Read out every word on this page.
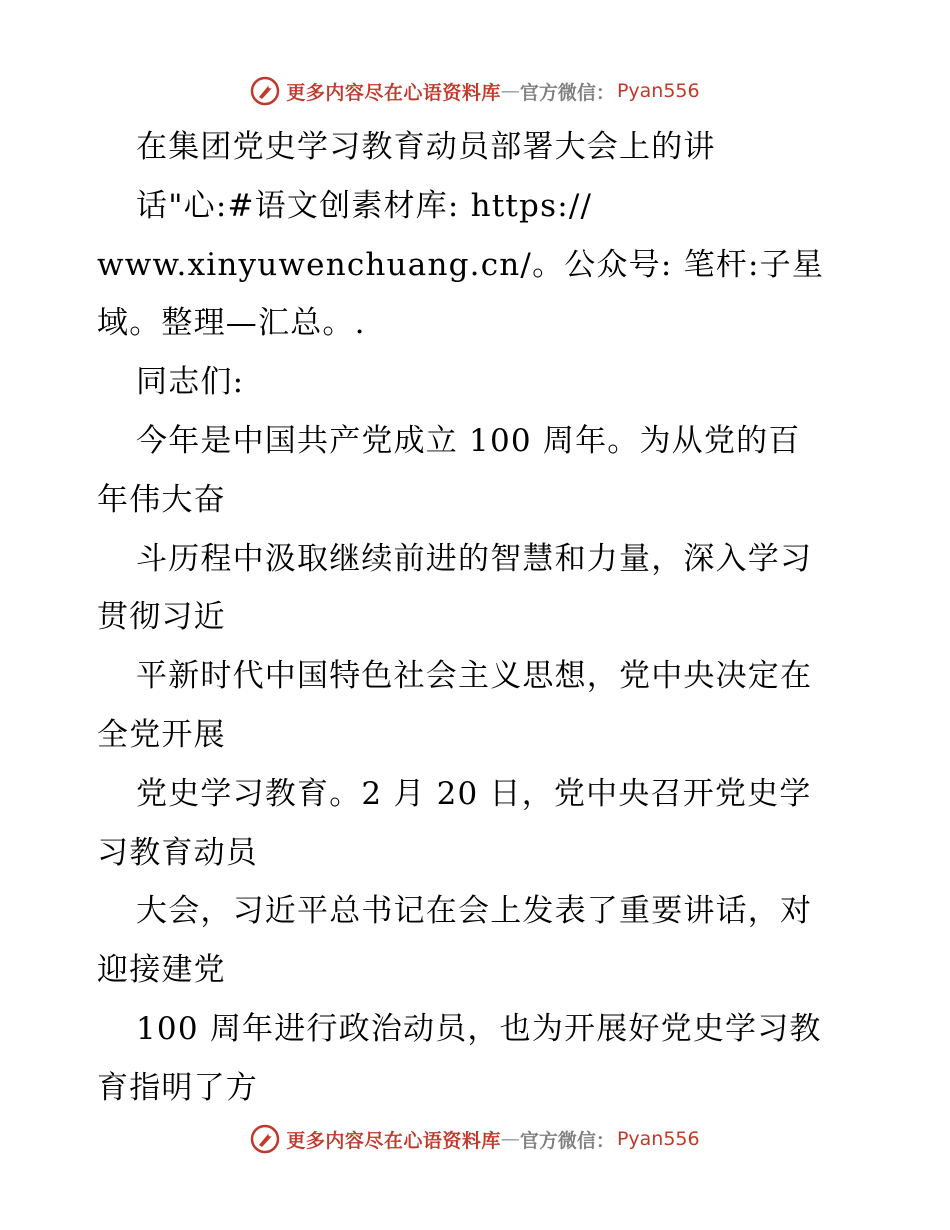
更多内容尽在心语资料库 — 官方微信： Pyan556
在集团党史学习教育动员部署大会上的讲
话"心:#语文创素材库: https://
www.xinyuwenchuang.cn/。公众号: 笔杆:子星
域。整理—汇总。.
同志们:
今年是中国共产党成立 100 周年。为从党的百
年伟大奋
斗历程中汲取继续前进的智慧和力量，深入学习
贯彻习近
平新时代中国特色社会主义思想，党中央决定在
全党开展
党史学习教育。2 月 20 日，党中央召开党史学
习教育动员
大会，习近平总书记在会上发表了重要讲话，对
迎接建党
100 周年进行政治动员，也为开展好党史学习教
育指明了方
更多内容尽在心语资料库 — 官方微信： Pyan556
